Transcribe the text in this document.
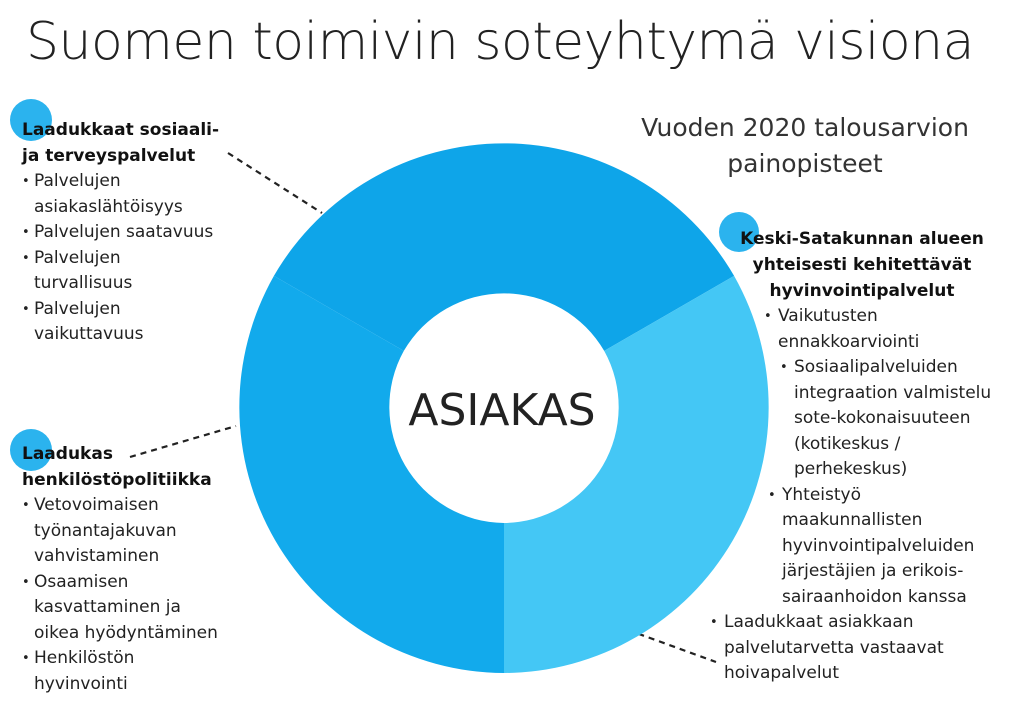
Suomen toimivin soteyhtymä visiona
Vuoden 2020 talousarvion
painopisteet
ASIAKAS
Laadukkaat sosiaali-
ja terveyspalvelut
• Palvelujen
asiakaslähtöisyys
• Palvelujen saatavuus
• Palvelujen
turvallisuus
• Palvelujen
vaikuttavuus
Laadukas
henkilöstöpolitiikka
• Vetovoimaisen
työnantajakuvan
vahvistaminen
• Osaamisen
kasvattaminen ja
oikea hyödyntäminen
• Henkilöstön
hyvinvointi
Keski-Satakunnan alueen
yhteisesti kehitettävät
hyvinvointipalvelut
• Vaikutusten
ennakkoarviointi
• Sosiaalipalveluiden
integraation valmistelu
sote-kokonaisuuteen
(kotikeskus /
perhekeskus)
• Yhteistyö
maakunnallisten
hyvinvointipalveluiden
järjestäjien ja erikois-
sairaanhoidon kanssa
• Laadukkaat asiakkaan
palvelutarvetta vastaavat
hoivapalvelut
